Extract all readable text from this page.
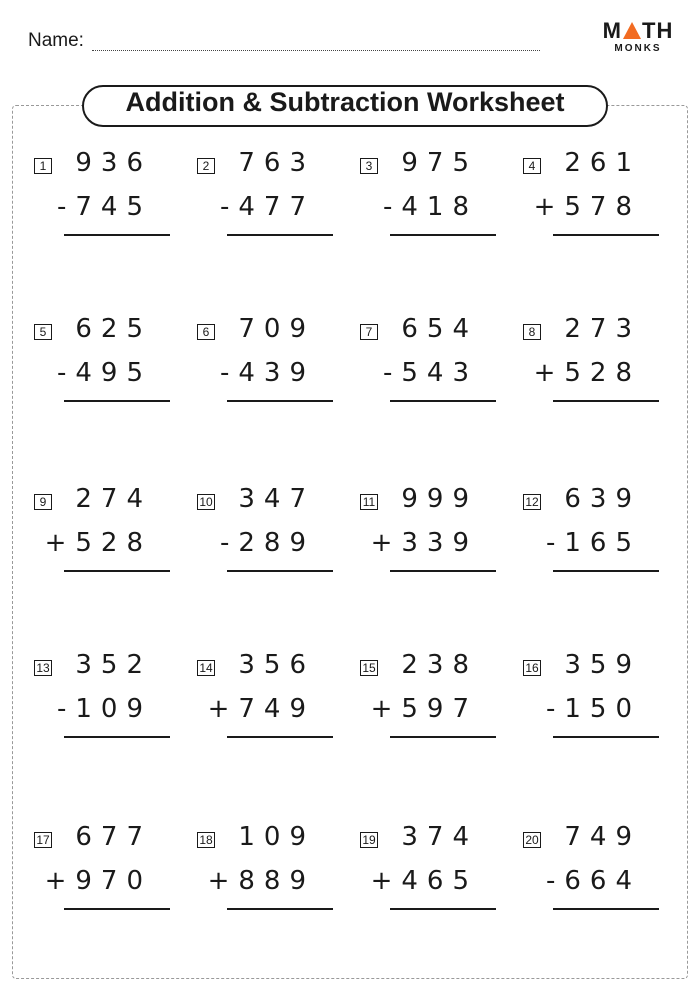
Name:	M TH
MONKS
Addition & Subtraction Worksheet
1 936
-745
2 763
-477
3 975
-418
4 261
+578
5 625
-495
6 709
-439
7 654
-543
8 273
+528
9 274
+528
10 347
-289
11 999
+339
12 639
-165
13 352
-109
14 356
+749
15 238
+597
16 359
-150
17 677
+970
18 109
+889
19 374
+465
20 749
-664
